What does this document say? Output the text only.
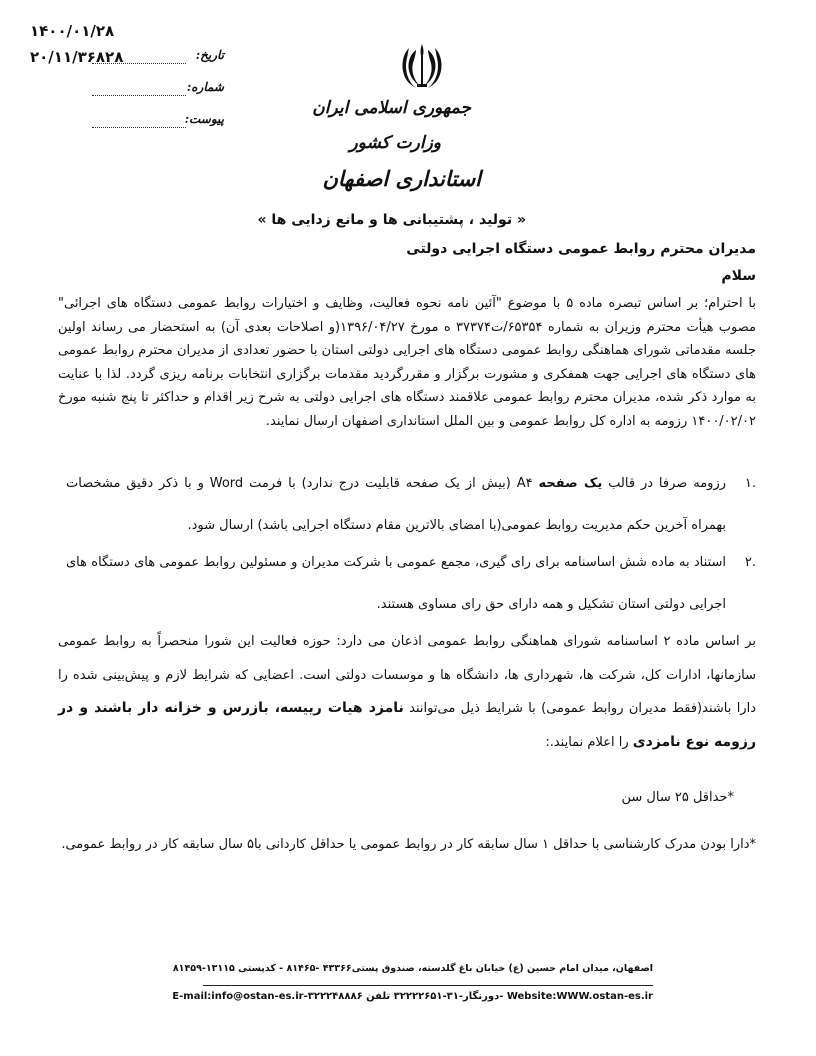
۱۴۰۰/۰۱/۲۸
۲۰/۱۱/۳۶۸۲۸	تاریخ:
شماره:
پیوست:
جمهوری اسلامی ایران
وزارت کشور
استانداری اصفهان
« تولید ، پشتیبانی ها و مانع زدایی ها »
مدیران محترم روابط عمومی دستگاه اجرایی دولتی
سلام
با احترام؛ بر اساس تبصره ماده ۵ با موضوع "آئین نامه نحوه فعالیت، وظایف و اختیارات روابط عمومی دستگاه های اجرائی" مصوب هیأت محترم وزیران به شماره ۶۵۳۵۴/ت۳۷۳۷۴ ه مورخ ۱۳۹۶/۰۴/۲۷(و اصلاحات بعدی آن) به استحضار می رساند اولین جلسه مقدماتی شورای هماهنگی روابط عمومی دستگاه های اجرایی دولتی استان با حضور تعدادی از مدیران محترم روابط عمومی های دستگاه های اجرایی جهت همفکری و مشورت برگزار و مقررگردید مقدمات برگزاری انتخابات برنامه ریزی گردد. لذا با عنایت به موارد ذکر شده، مدیران محترم روابط عمومی علاقمند دستگاه های اجرایی دولتی به شرح زیر اقدام و حداکثر تا پنج شنبه مورخ ۱۴۰۰/۰۲/۰۲ رزومه به اداره کل روابط عمومی و بین الملل استانداری اصفهان ارسال نمایند.
.۱
رزومه صرفا در قالب یک صفحه A۴ (بیش از یک صفحه قابلیت درج ندارد) با فرمت Word و با ذکر دقیق مشخصات بهمراه آخرین حکم مدیریت روابط عمومی(با امضای بالاترین مقام دستگاه اجرایی باشد) ارسال شود.
.۲
استناد به ماده شش اساسنامه برای رای گیری، مجمع عمومی با شرکت مدیران و مسئولین روابط عمومی های دستگاه های اجرایی دولتی استان تشکیل و همه دارای حق رای مساوی هستند.
بر اساس ماده ۲ اساسنامه شورای هماهنگی روابط عمومی اذعان می دارد: حوزه فعالیت این شورا منحصراً به روابط عمومی سازمانها، ادارات کل، شرکت ها، شهرداری ها، دانشگاه ها و موسسات دولتی است. اعضایی که شرایط لازم و پیش‌بینی شده را دارا باشند(فقط مدیران روابط عمومی) با شرایط ذیل می‌توانند نامزد هیات ریيسه، بازرس و خزانه دار باشند و در رزومه نوع نامزدی را اعلام نمایند.:
*حداقل ۲۵ سال سن
*دارا بودن مدرک کارشناسی با حداقل ۱ سال سابقه کار در روابط عمومی یا حداقل کاردانی با۵ سال سابقه کار در روابط عمومی.
اصفهان، میدان امام حسین (ع) خیابان باغ گلدسته، صندوق پستی۴۳۳۶۶ -۸۱۴۶۵ - کدپستی ۱۳۱۱۵-۸۱۴۵۹
E-mail:info@ostan-es.ir-۳۲۲۲۴۸۸۸دورنگار-۳۱-۳۲۲۲۲۶۵۱ تلفن ۶- Website:WWW.ostan-es.ir
